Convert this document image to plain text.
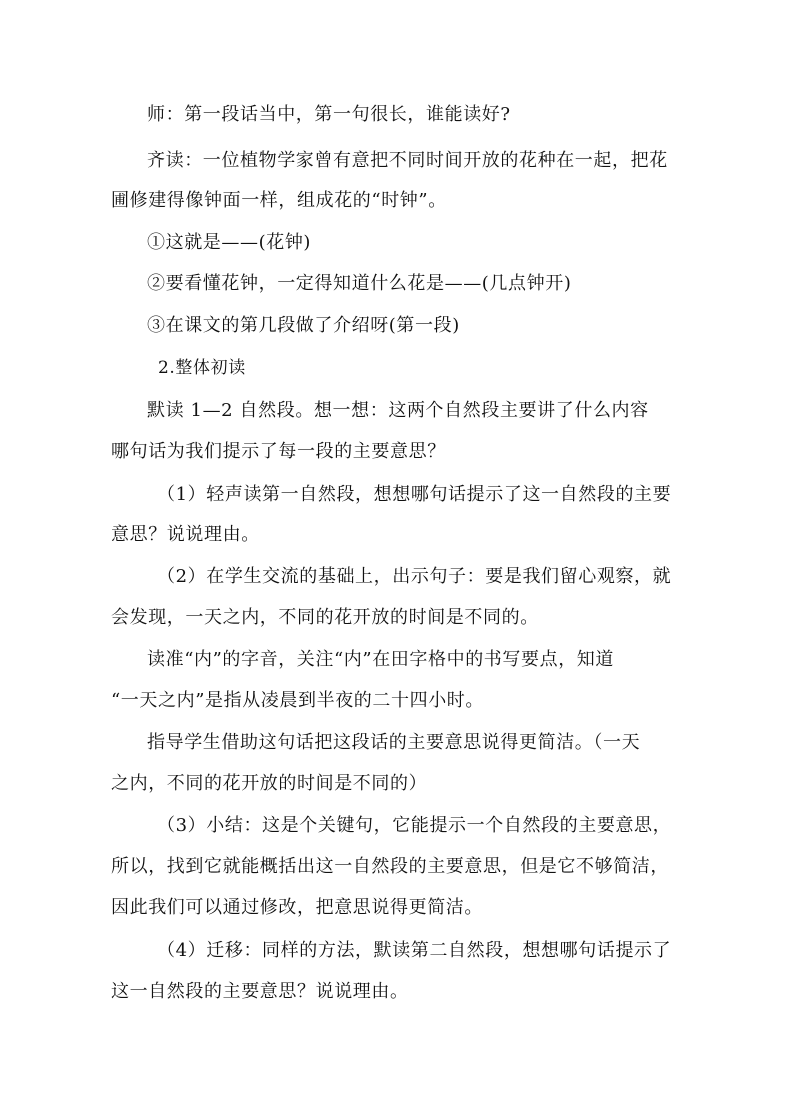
师：第一段话当中，第一句很长，谁能读好?
齐读：一位植物学家曾有意把不同时间开放的花种在一起，把花
圃修建得像钟面一样，组成花的“时钟”。
①这就是——(花钟)
②要看懂花钟，一定得知道什么花是——(几点钟开)
③在课文的第几段做了介绍呀(第一段)
2.整体初读
默读 1—2 自然段。想一想：这两个自然段主要讲了什么内容
哪句话为我们提示了每一段的主要意思？
（1）轻声读第一自然段，想想哪句话提示了这一自然段的主要
意思？说说理由。
（2）在学生交流的基础上，出示句子：要是我们留心观察，就
会发现，一天之内，不同的花开放的时间是不同的。
读准“内”的字音，关注“内”在田字格中的书写要点，知道
“一天之内”是指从凌晨到半夜的二十四小时。
指导学生借助这句话把这段话的主要意思说得更简洁。（一天
之内，不同的花开放的时间是不同的）
（3）小结：这是个关键句，它能提示一个自然段的主要意思，
所以，找到它就能概括出这一自然段的主要意思，但是它不够简洁，
因此我们可以通过修改，把意思说得更简洁。
（4）迁移：同样的方法，默读第二自然段，想想哪句话提示了
这一自然段的主要意思？说说理由。
